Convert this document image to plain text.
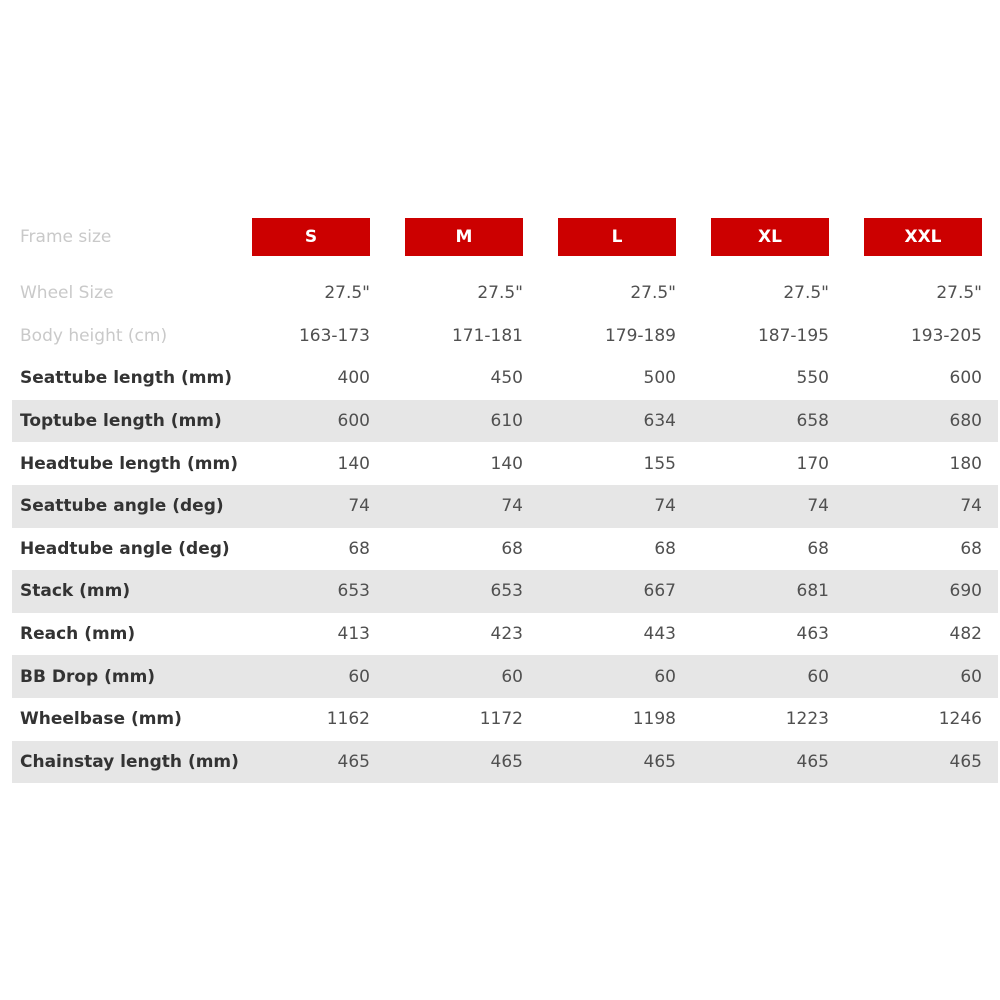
Frame size	S	M	L	XL	XXL
Wheel Size	27.5"	27.5"	27.5"	27.5"	27.5"
Body height (cm)	163-173	171-181	179-189	187-195	193-205
Seattube length (mm)	400	450	500	550	600
Toptube length (mm)	600	610	634	658	680
Headtube length (mm)	140	140	155	170	180
Seattube angle (deg)	74	74	74	74	74
Headtube angle (deg)	68	68	68	68	68
Stack (mm)	653	653	667	681	690
Reach (mm)	413	423	443	463	482
BB Drop (mm)	60	60	60	60	60
Wheelbase (mm)	1162	1172	1198	1223	1246
Chainstay length (mm)	465	465	465	465	465
